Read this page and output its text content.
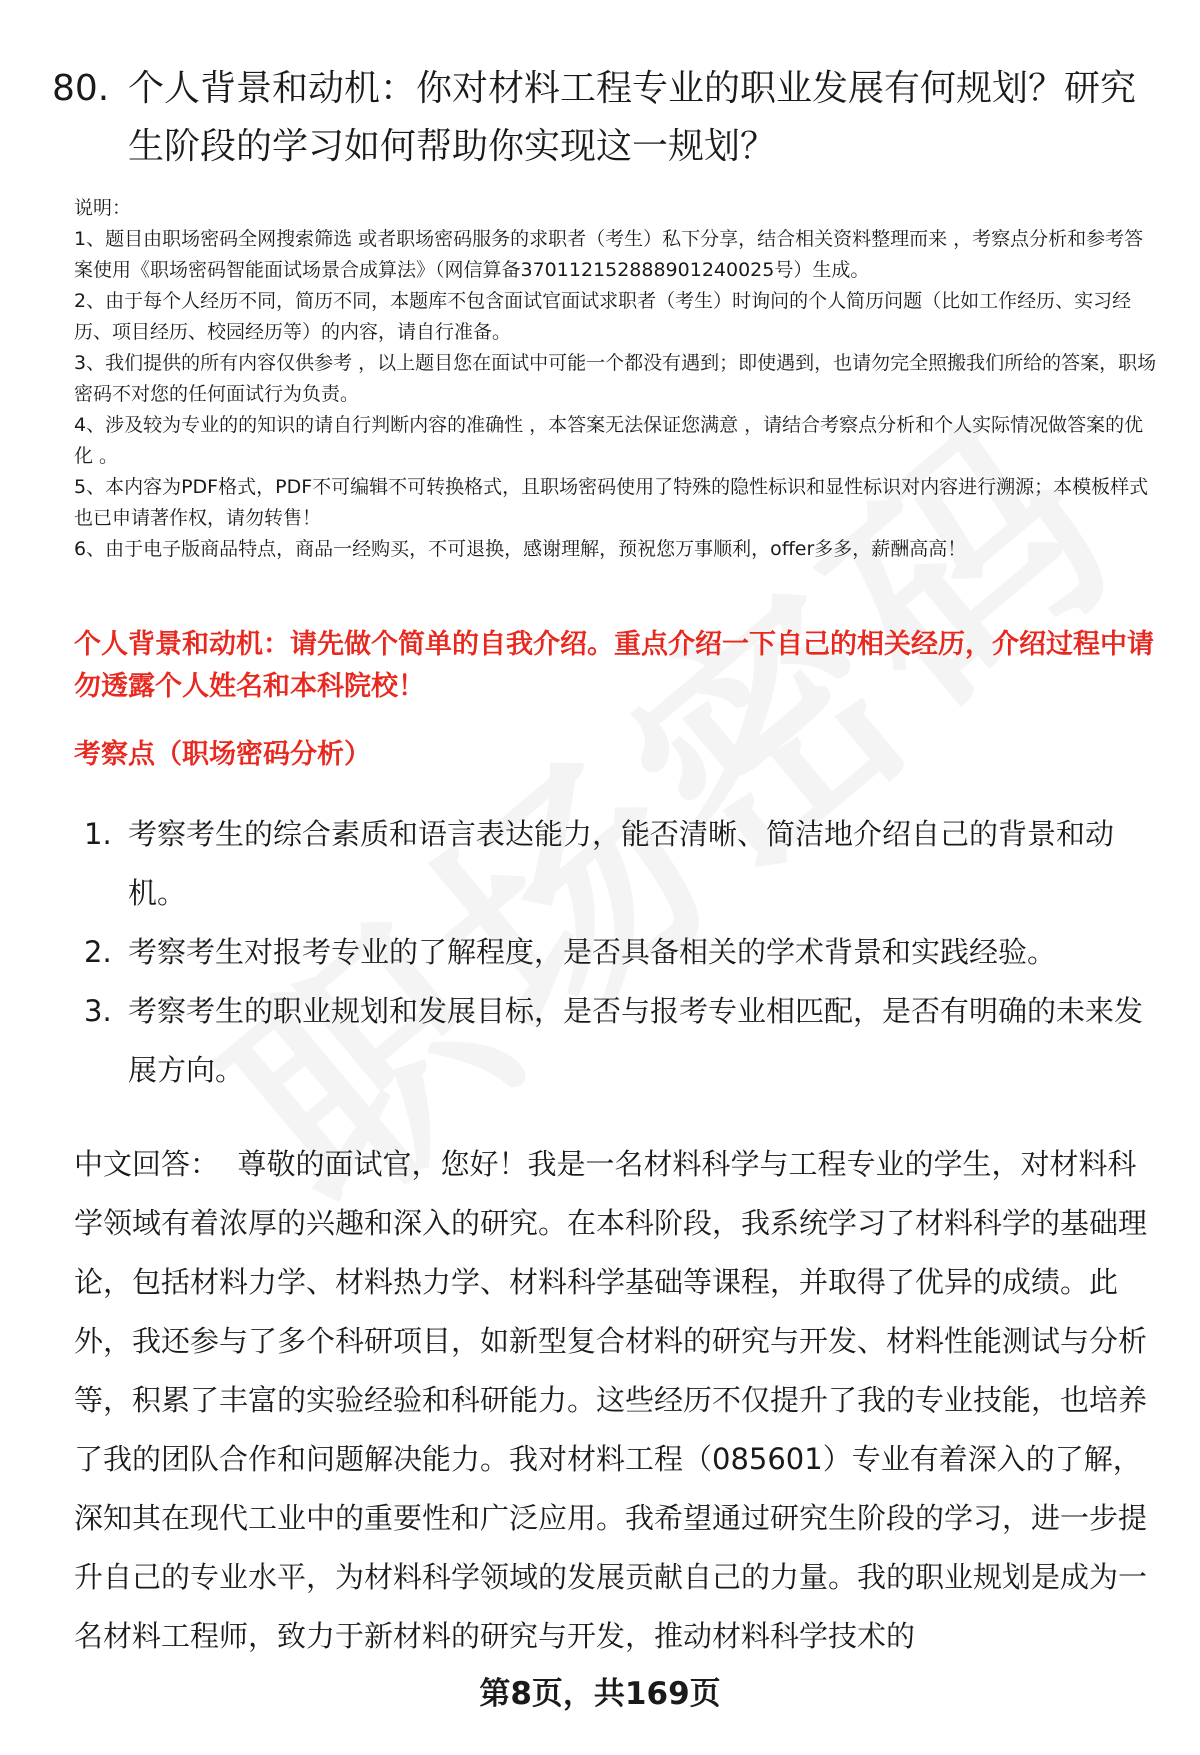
80. 个人背景和动机：你对材料工程专业的职业发展有何规划？研究生阶段的学习如何帮助你实现这一规划？

说明：

1、题目由职场密码全网搜索筛选 或者职场密码服务的求职者（考生）私下分享，结合相关资料整理而来 ，考察点分析和参考答案使用《职场密码智能面试场景合成算法》（网信算备370112152888901240025号）生成。

2、由于每个人经历不同，简历不同，本题库不包含面试官面试求职者（考生）时询问的个人简历问题（比如工作经历、实习经历、项目经历、校园经历等）的内容，请自行准备。

3、我们提供的所有内容仅供参考 ，以上题目您在面试中可能一个都没有遇到；即使遇到，也请勿完全照搬我们所给的答案，职场密码不对您的任何面试行为负责。

4、涉及较为专业的的知识的请自行判断内容的准确性 ，本答案无法保证您满意 ，请结合考察点分析和个人实际情况做答案的优化 。

5、本内容为PDF格式，PDF不可编辑不可转换格式，且职场密码使用了特殊的隐性标识和显性标识对内容进行溯源；本模板样式也已申请著作权，请勿转售！

6、由于电子版商品特点，商品一经购买，不可退换，感谢理解，预祝您万事顺利，offer多多，薪酬高高！

个人背景和动机：请先做个简单的自我介绍。重点介绍一下自己的相关经历，介绍过程中请勿透露个人姓名和本科院校！
考察点（职场密码分析）
1. 考察考生的综合素质和语言表达能力，能否清晰、简洁地介绍自己的背景和动机。
2. 考察考生对报考专业的了解程度，是否具备相关的学术背景和实践经验。
3. 考察考生的职业规划和发展目标，是否与报考专业相匹配，是否有明确的未来发展方向。

中文回答： 尊敬的面试官，您好！我是一名材料科学与工程专业的学生，对材料科学领域有着浓厚的兴趣和深入的研究。在本科阶段，我系统学习了材料科学的基础理论，包括材料力学、材料热力学、材料科学基础等课程，并取得了优异的成绩。此外，我还参与了多个科研项目，如新型复合材料的研究与开发、材料性能测试与分析等，积累了丰富的实验经验和科研能力。这些经历不仅提升了我的专业技能，也培养了我的团队合作和问题解决能力。我对材料工程（085601）专业有着深入的了解，深知其在现代工业中的重要性和广泛应用。我希望通过研究生阶段的学习，进一步提升自己的专业水平，为材料科学领域的发展贡献自己的力量。我的职业规划是成为一名材料工程师，致力于新材料的研究与开发，推动材料科学技术的

第8页，共169页
